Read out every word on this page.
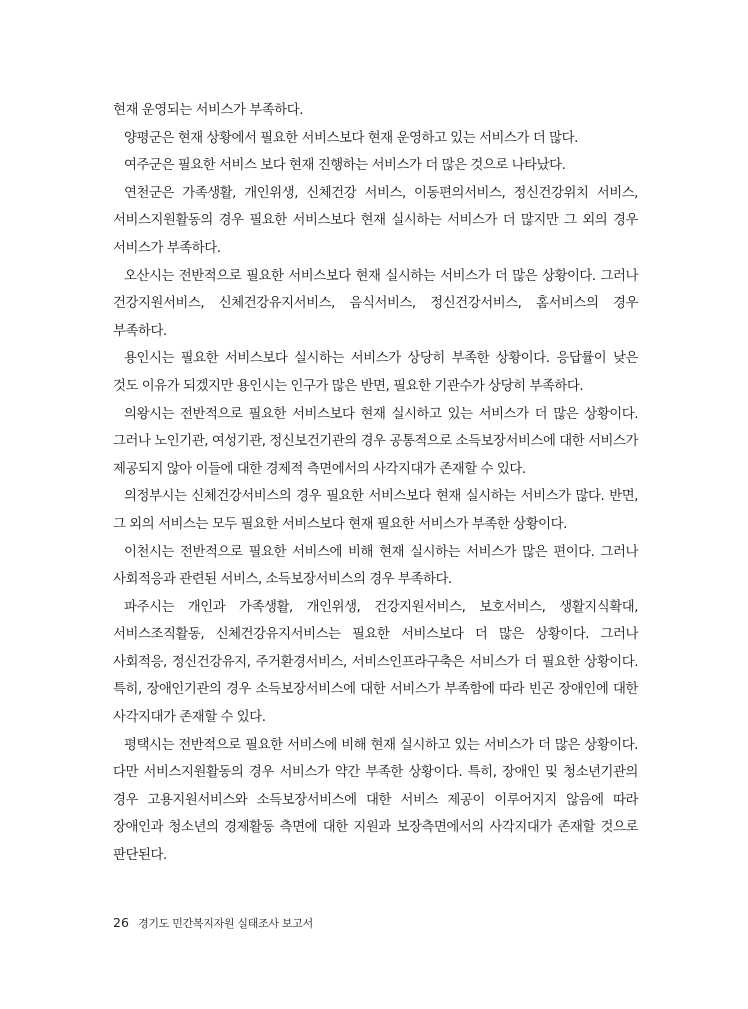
현재 운영되는 서비스가 부족하다.

양평군은 현재 상황에서 필요한 서비스보다 현재 운영하고 있는 서비스가 더 많다.

여주군은 필요한 서비스 보다 현재 진행하는 서비스가 더 많은 것으로 나타났다.

연천군은 가족생활, 개인위생, 신체건강 서비스, 이동편의서비스, 정신건강위치 서비스, 서비스지원활동의 경우 필요한 서비스보다 현재 실시하는 서비스가 더 많지만 그 외의 경우 서비스가 부족하다.

오산시는 전반적으로 필요한 서비스보다 현재 실시하는 서비스가 더 많은 상황이다. 그러나 건강지원서비스, 신체건강유지서비스, 음식서비스, 정신건강서비스, 홈서비스의 경우 부족하다.

용인시는 필요한 서비스보다 실시하는 서비스가 상당히 부족한 상황이다. 응답률이 낮은 것도 이유가 되겠지만 용인시는 인구가 많은 반면, 필요한 기관수가 상당히 부족하다.

의왕시는 전반적으로 필요한 서비스보다 현재 실시하고 있는 서비스가 더 많은 상황이다. 그러나 노인기관, 여성기관, 정신보건기관의 경우 공통적으로 소득보장서비스에 대한 서비스가 제공되지 않아 이들에 대한 경제적 측면에서의 사각지대가 존재할 수 있다.

의정부시는 신체건강서비스의 경우 필요한 서비스보다 현재 실시하는 서비스가 많다. 반면, 그 외의 서비스는 모두 필요한 서비스보다 현재 필요한 서비스가 부족한 상황이다.

이천시는 전반적으로 필요한 서비스에 비해 현재 실시하는 서비스가 많은 편이다. 그러나 사회적응과 관련된 서비스, 소득보장서비스의 경우 부족하다.

파주시는 개인과 가족생활, 개인위생, 건강지원서비스, 보호서비스, 생활지식확대, 서비스조직활동, 신체건강유지서비스는 필요한 서비스보다 더 많은 상황이다. 그러나 사회적응, 정신건강유지, 주거환경서비스, 서비스인프라구축은 서비스가 더 필요한 상황이다. 특히, 장애인기관의 경우 소득보장서비스에 대한 서비스가 부족함에 따라 빈곤 장애인에 대한 사각지대가 존재할 수 있다.

평택시는 전반적으로 필요한 서비스에 비해 현재 실시하고 있는 서비스가 더 많은 상황이다. 다만 서비스지원활동의 경우 서비스가 약간 부족한 상황이다. 특히, 장애인 및 청소년기관의 경우 고용지원서비스와 소득보장서비스에 대한 서비스 제공이 이루어지지 않음에 따라 장애인과 청소년의 경제활동 측면에 대한 지원과 보장측면에서의 사각지대가 존재할 것으로 판단된다.

26 경기도 민간복지자원 실태조사 보고서
